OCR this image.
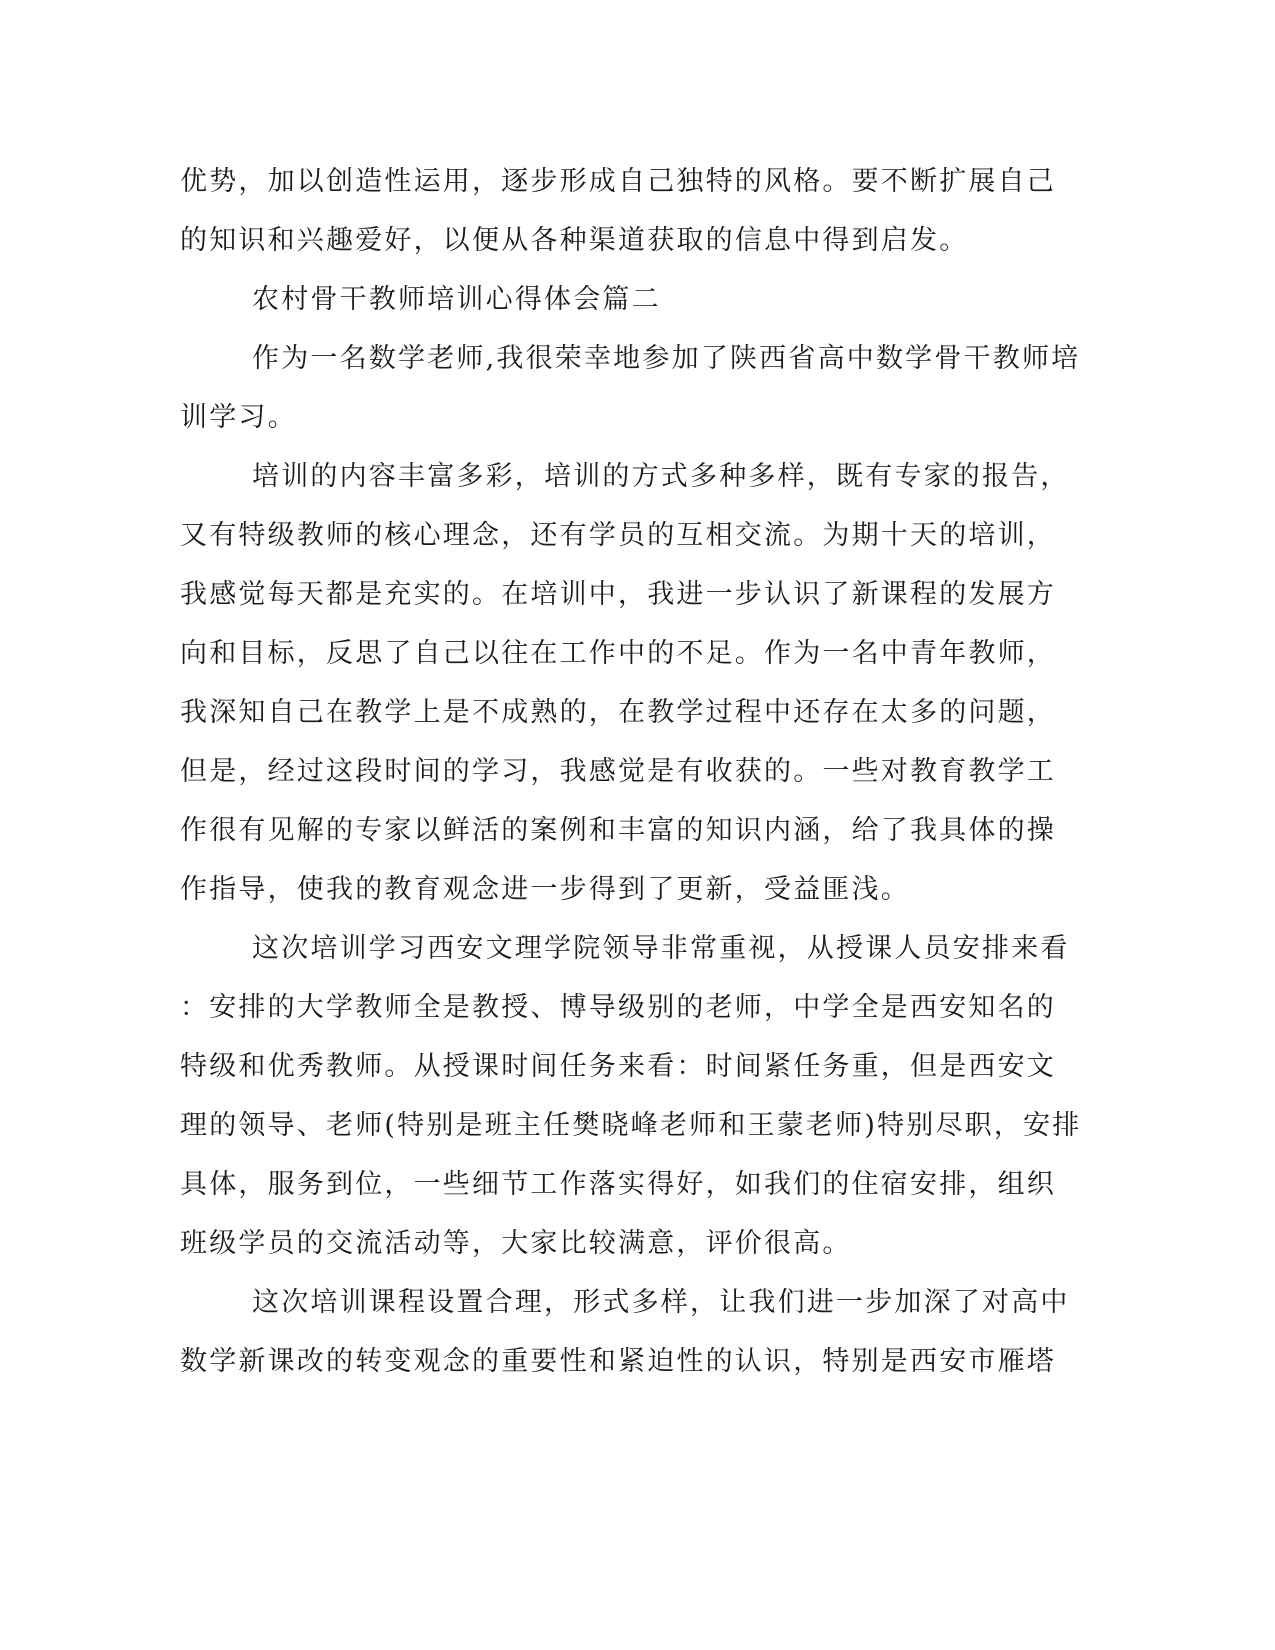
优势，加以创造性运用，逐步形成自己独特的风格。要不断扩展自己
的知识和兴趣爱好，以便从各种渠道获取的信息中得到启发。
农村骨干教师培训心得体会篇二
作为一名数学老师,我很荣幸地参加了陕西省高中数学骨干教师培
训学习。
培训的内容丰富多彩，培训的方式多种多样，既有专家的报告，
又有特级教师的核心理念，还有学员的互相交流。为期十天的培训，
我感觉每天都是充实的。在培训中，我进一步认识了新课程的发展方
向和目标，反思了自己以往在工作中的不足。作为一名中青年教师，
我深知自己在教学上是不成熟的，在教学过程中还存在太多的问题，
但是，经过这段时间的学习，我感觉是有收获的。一些对教育教学工
作很有见解的专家以鲜活的案例和丰富的知识内涵，给了我具体的操
作指导，使我的教育观念进一步得到了更新，受益匪浅。
这次培训学习西安文理学院领导非常重视，从授课人员安排来看
：安排的大学教师全是教授、博导级别的老师，中学全是西安知名的
特级和优秀教师。从授课时间任务来看：时间紧任务重，但是西安文
理的领导、老师(特别是班主任樊晓峰老师和王蒙老师)特别尽职，安排
具体，服务到位，一些细节工作落实得好，如我们的住宿安排，组织
班级学员的交流活动等，大家比较满意，评价很高。
这次培训课程设置合理，形式多样，让我们进一步加深了对高中
数学新课改的转变观念的重要性和紧迫性的认识，特别是西安市雁塔
